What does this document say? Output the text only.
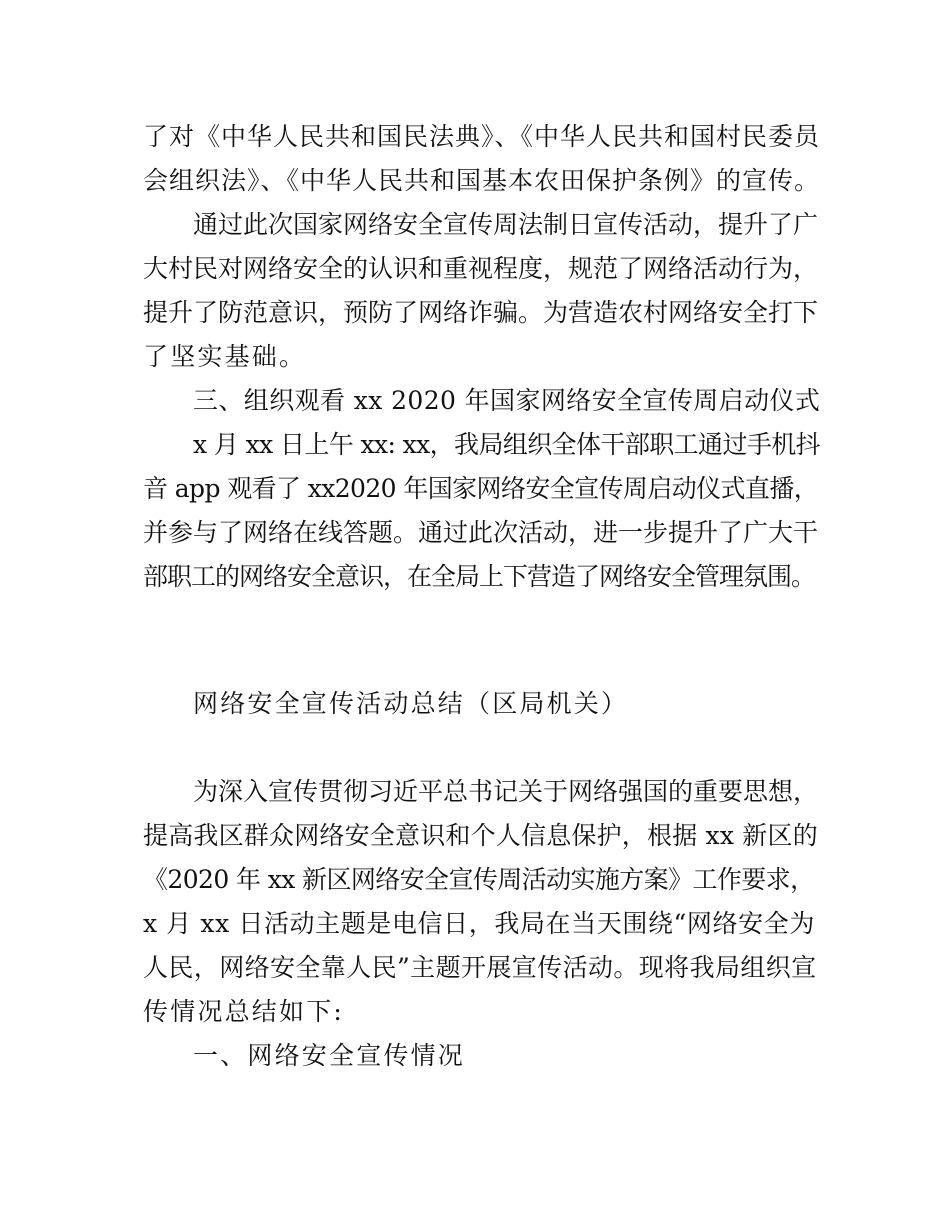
了对《中华人民共和国民法典》、《中华人民共和国村民委员
会组织法》、《中华人民共和国基本农田保护条例》的宣传。
通过此次国家网络安全宣传周法制日宣传活动，提升了广
大村民对网络安全的认识和重视程度，规范了网络活动行为，
提升了防范意识，预防了网络诈骗。为营造农村网络安全打下
了坚实基础。
三、组织观看 xx 2020 年国家网络安全宣传周启动仪式
x 月 xx 日上午 xx: xx，我局组织全体干部职工通过手机抖
音 app 观看了 xx2020 年国家网络安全宣传周启动仪式直播，
并参与了网络在线答题。通过此次活动，进一步提升了广大干
部职工的网络安全意识，在全局上下营造了网络安全管理氛围。
网络安全宣传活动总结（区局机关）
为深入宣传贯彻习近平总书记关于网络强国的重要思想，
提高我区群众网络安全意识和个人信息保护，根据 xx 新区的
《2020 年 xx 新区网络安全宣传周活动实施方案》工作要求，
x 月 xx 日活动主题是电信日，我局在当天围绕“网络安全为
人民，网络安全靠人民”主题开展宣传活动。现将我局组织宣
传情况总结如下:
一、网络安全宣传情况
